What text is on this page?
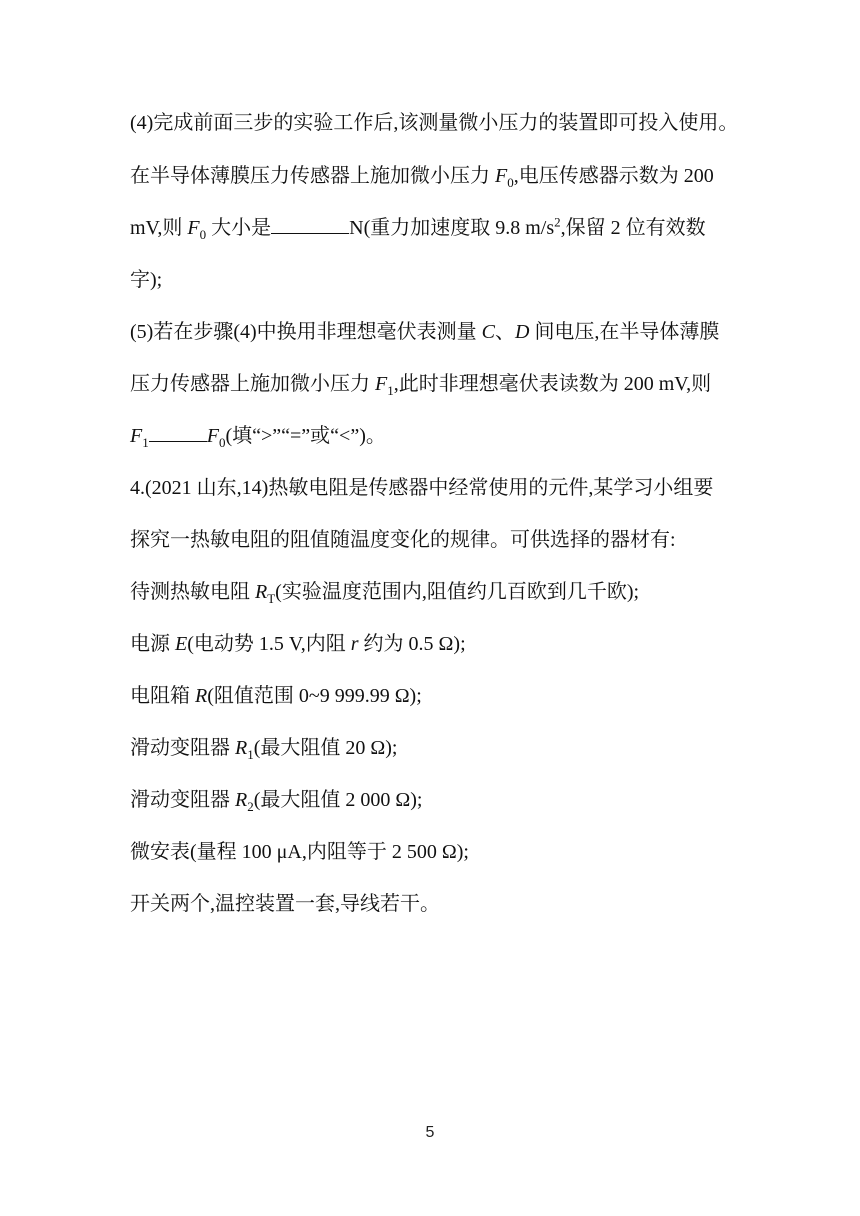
(4)完成前面三步的实验工作后,该测量微小压力的装置即可投入使用。
在半导体薄膜压力传感器上施加微小压力 $F_0$,电压传感器示数为 200
mV,则 $F_0$ 大小是	N(重力加速度取 9.8 $m/s^2$,保留 2 位有效数
字);
(5)若在步骤(4)中换用非理想毫伏表测量 C、D 间电压,在半导体薄膜
压力传感器上施加微小压力 $F_1$,此时非理想毫伏表读数为 200 mV,则
$F_1$	$F_0$(填“>”“=”或“<”)。
4.(2021 山东,14)热敏电阻是传感器中经常使用的元件,某学习小组要
探究一热敏电阻的阻值随温度变化的规律。可供选择的器材有:
待测热敏电阻 $R_T$(实验温度范围内,阻值约几百欧到几千欧);
电源 E(电动势 1.5 V,内阻 r 约为 0.5 Ω);
电阻箱 R(阻值范围 0~9 999.99 Ω);
滑动变阻器 $R_1$(最大阻值 20 Ω);
滑动变阻器 $R_2$(最大阻值 2 000 Ω);
微安表(量程 100 μA,内阻等于 2 500 Ω);
开关两个,温控装置一套,导线若干。
5
